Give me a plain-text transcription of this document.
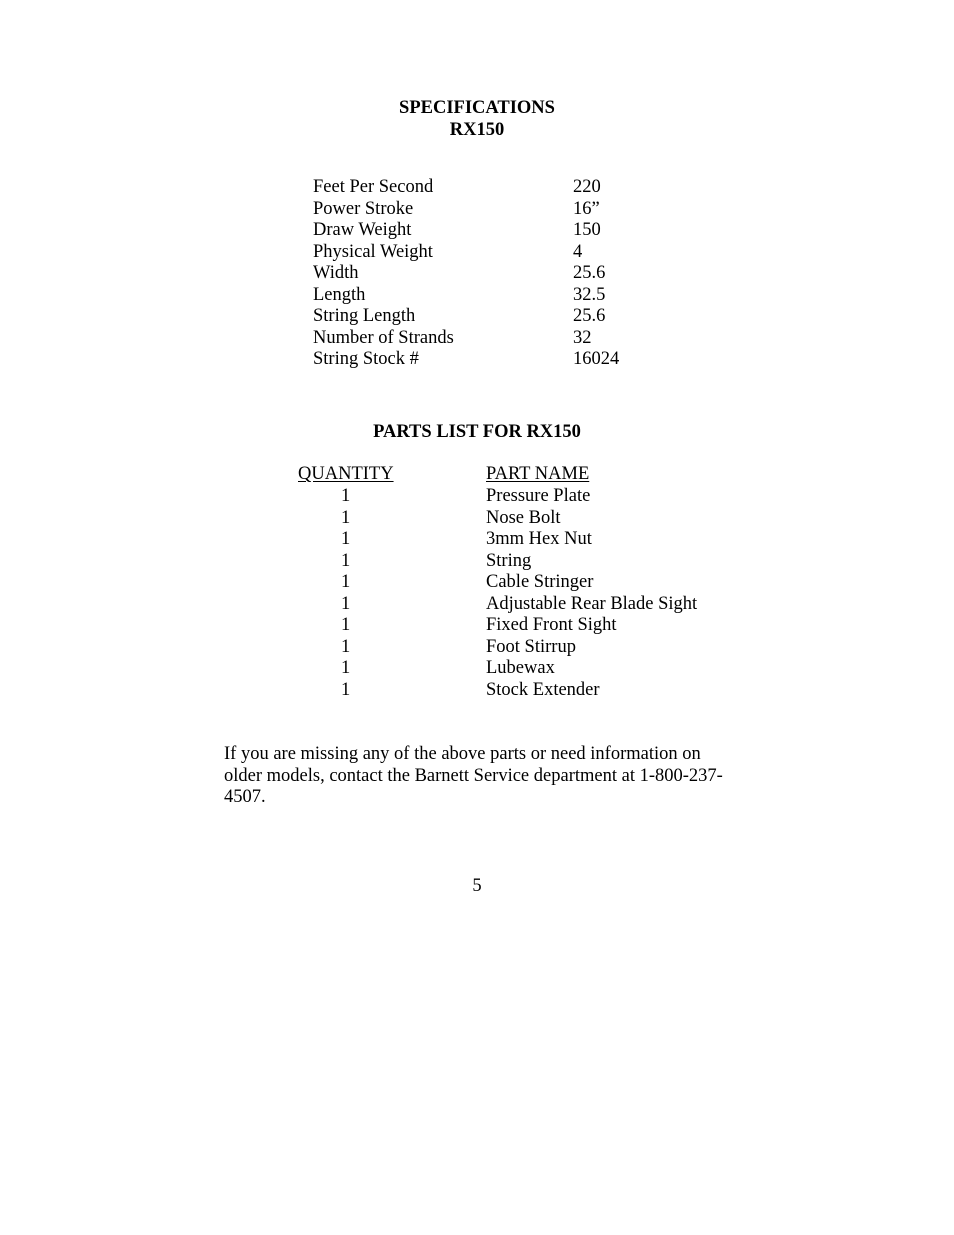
SPECIFICATIONS
RX150
Feet Per Second	220
Power Stroke	16”
Draw Weight	150
Physical Weight	4
Width	25.6
Length	32.5
String Length	25.6
Number of Strands	32
String Stock #	16024
PARTS LIST FOR RX150
QUANTITY	PART NAME
1	Pressure Plate
1	Nose Bolt
1	3mm Hex Nut
1	String
1	Cable Stringer
1	Adjustable Rear Blade Sight
1	Fixed Front Sight
1	Foot Stirrup
1	Lubewax
1	Stock Extender
If you are missing any of the above parts or need information on
older models, contact the Barnett Service department at 1-800-237-
4507.
5
